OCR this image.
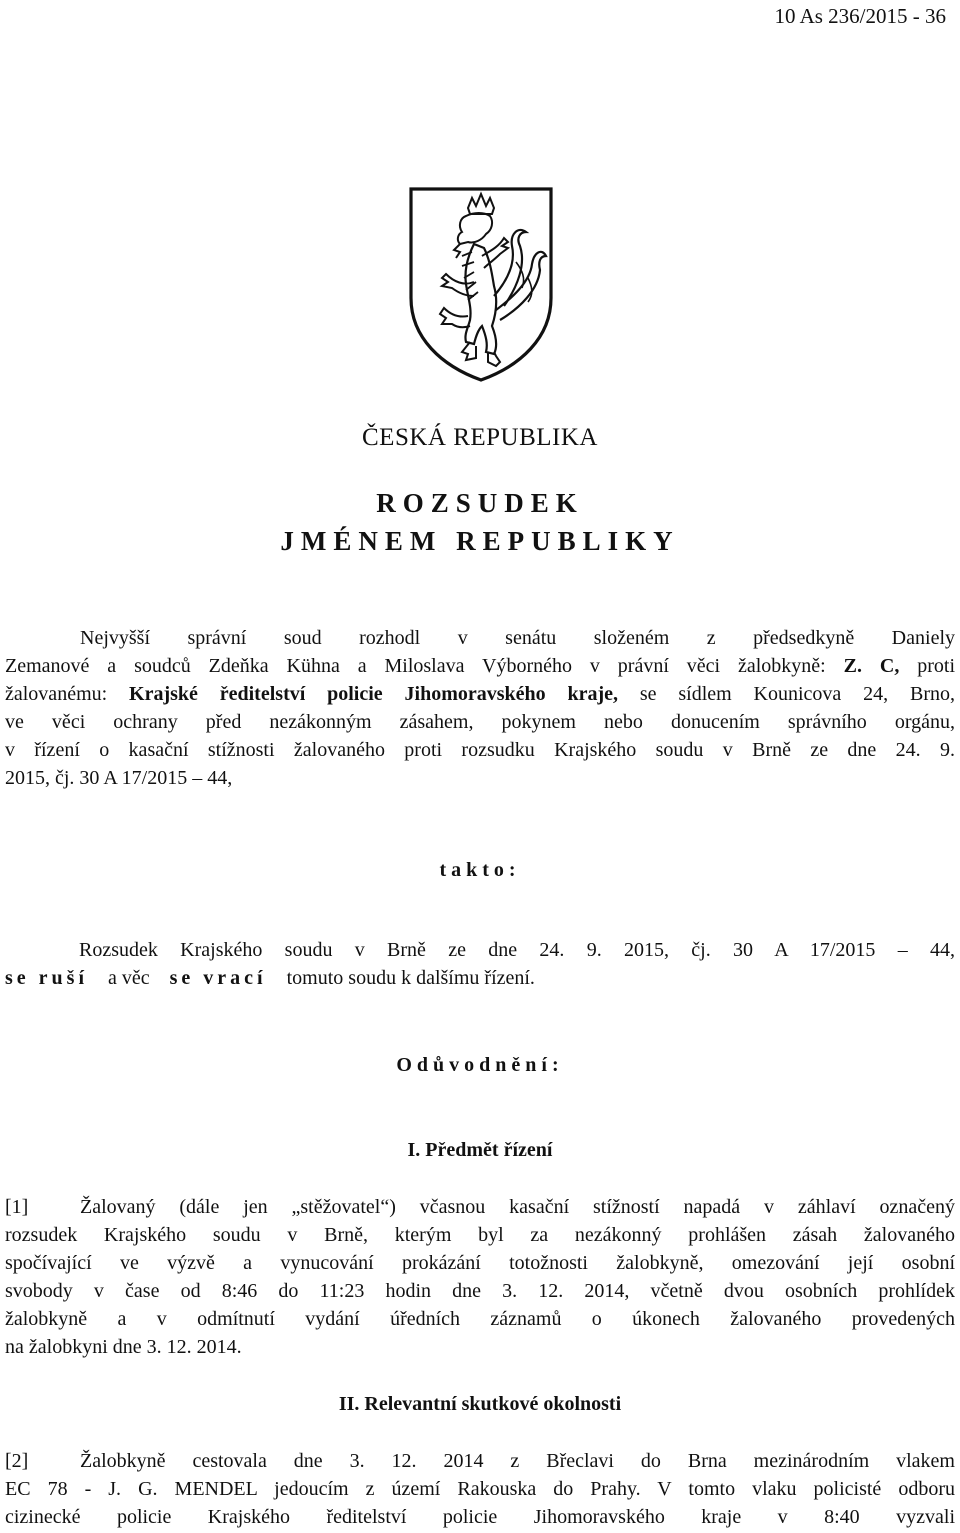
10 As 236/2015 - 36
ČESKÁ REPUBLIKA
ROZSUDEK
JMÉNEM REPUBLIKY
Nejvyšší správní soud rozhodl v senátu složeném z předsedkyně Daniely
Zemanové a soudců Zdeňka Kühna a Miloslava Výborného v právní věci žalobkyně: Z. C, proti
žalovanému: Krajské ředitelství policie Jihomoravského kraje, se sídlem Kounicova 24, Brno,
ve věci ochrany před nezákonným zásahem, pokynem nebo donucením správního orgánu,
v řízení o kasační stížnosti žalovaného proti rozsudku Krajského soudu v Brně ze dne 24. 9.
2015, čj. 30 A 17/2015 – 44,
takto:
Rozsudek Krajského soudu v Brně ze dne 24. 9. 2015, čj. 30 A 17/2015 – 44,
se ruší a věc se vrací tomuto soudu k dalšímu řízení.
Odůvodnění:
I. Předmět řízení
[1]	Žalovaný (dále jen „stěžovatel“) včasnou kasační stížností napadá v záhlaví označený
rozsudek Krajského soudu v Brně, kterým byl za nezákonný prohlášen zásah žalovaného
spočívající ve výzvě a vynucování prokázání totožnosti žalobkyně, omezování její osobní
svobody v čase od 8:46 do 11:23 hodin dne 3. 12. 2014, včetně dvou osobních prohlídek
žalobkyně a v odmítnutí vydání úředních záznamů o úkonech žalovaného provedených
na žalobkyni dne 3. 12. 2014.
II. Relevantní skutkové okolnosti
[2]	Žalobkyně cestovala dne 3. 12. 2014 z Břeclavi do Brna mezinárodním vlakem
EC 78 - J. G. MENDEL jedoucím z území Rakouska do Prahy. V tomto vlaku policisté odboru
cizinecké policie Krajského ředitelství policie Jihomoravského kraje v 8:40 vyzvali
